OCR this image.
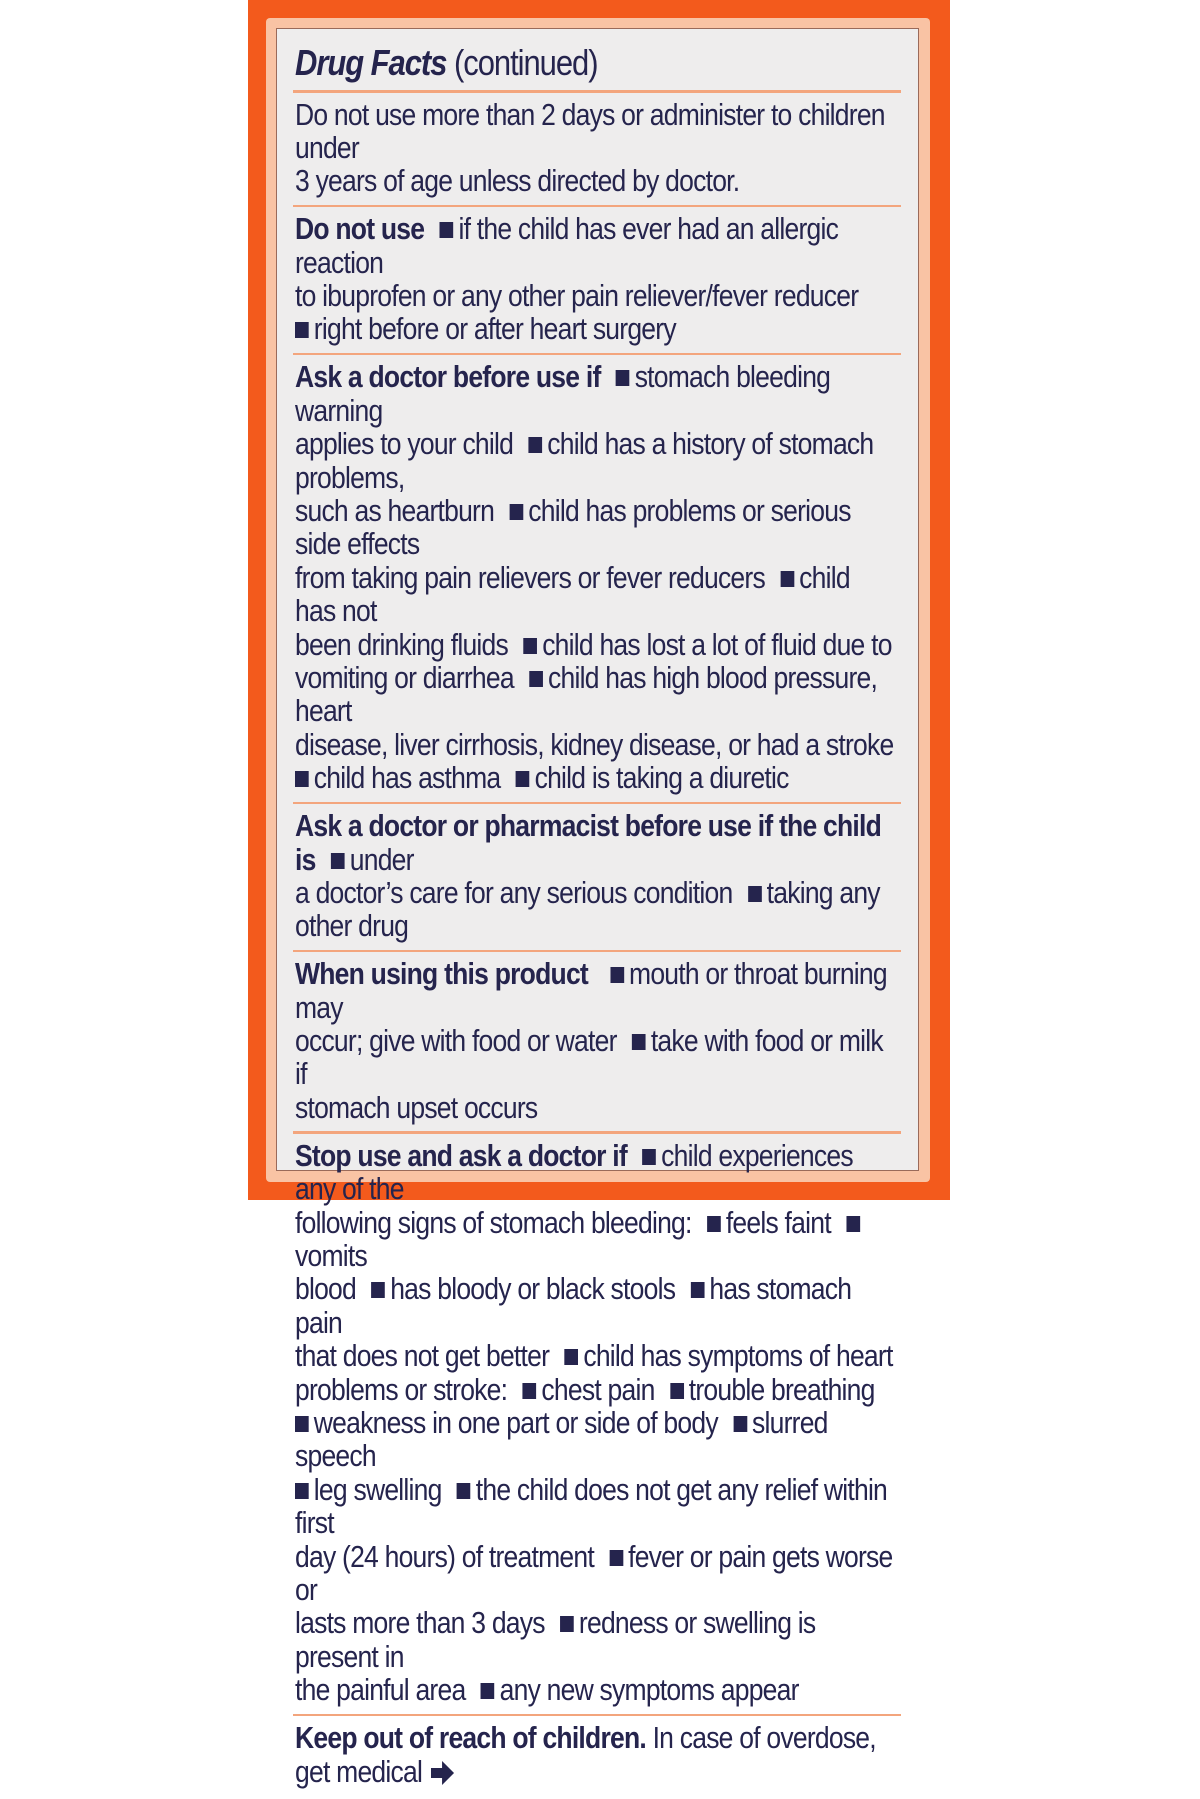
Drug Facts (continued)
Do not use more than 2 days or administer to children under
3 years of age unless directed by doctor.
Do not use if the child has ever had an allergic reaction
to ibuprofen or any other pain reliever/fever reducer
right before or after heart surgery
Ask a doctor before use if stomach bleeding warning
applies to your child child has a history of stomach problems,
such as heartburn child has problems or serious side effects
from taking pain relievers or fever reducers child has not
been drinking fluids child has lost a lot of fluid due to
vomiting or diarrhea child has high blood pressure, heart
disease, liver cirrhosis, kidney disease, or had a stroke
child has asthma child is taking a diuretic
Ask a doctor or pharmacist before use if the child is under
a doctor’s care for any serious condition taking any other drug
When using this product mouth or throat burning may
occur; give with food or water take with food or milk if
stomach upset occurs
Stop use and ask a doctor if child experiences any of the
following signs of stomach bleeding: feels faintvomits
blood has bloody or black stools has stomach pain
that does not get better child has symptoms of heart
problems or stroke: chest pain trouble breathing
weakness in one part or side of body slurred speech
leg swelling the child does not get any relief within first
day (24 hours) of treatment fever or pain gets worse or
lasts more than 3 days redness or swelling is present in
the painful area any new symptoms appear
Keep out of reach of children. In case of overdose, get medical
